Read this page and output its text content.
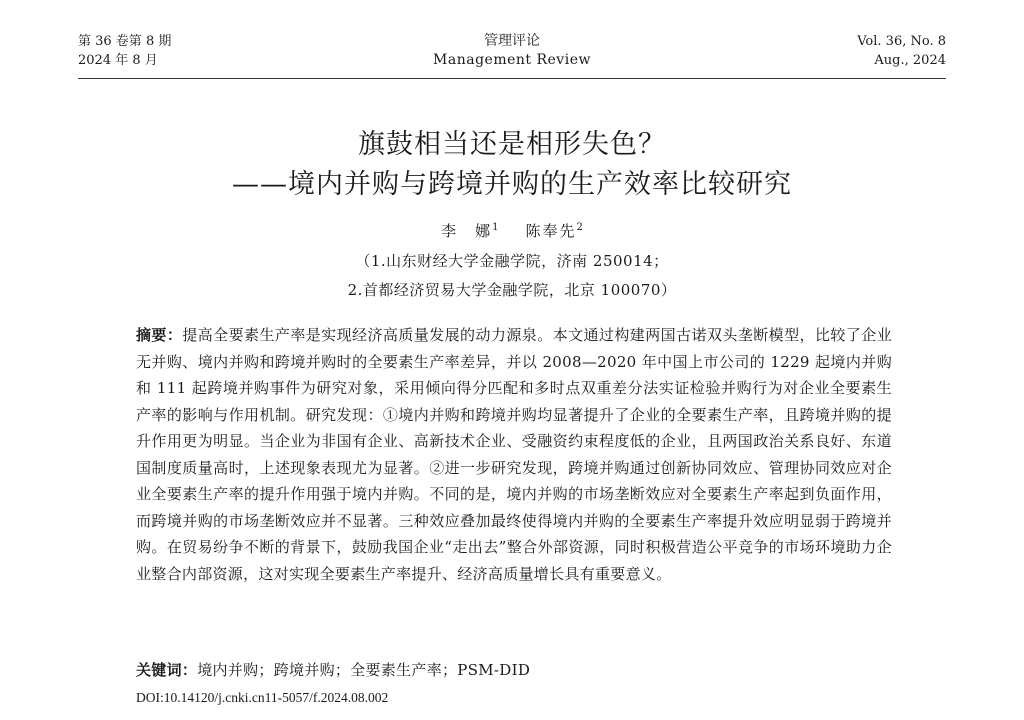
第 36 卷第 8 期
2024 年 8 月
管理评论
Management Review
Vol. 36, No. 8
Aug., 2024
旗鼓相当还是相形失色？
——境内并购与跨境并购的生产效率比较研究
李　娜$^1$ 陈奉先$^2$
（1.山东财经大学金融学院，济南 250014；
2.首都经济贸易大学金融学院，北京 100070）
摘要：提高全要素生产率是实现经济高质量发展的动力源泉。本文通过构建两国古诺双头垄断模型，比较了企业无并购、境内并购和跨境并购时的全要素生产率差异，并以 2008—2020 年中国上市公司的 1229 起境内并购和 111 起跨境并购事件为研究对象，采用倾向得分匹配和多时点双重差分法实证检验并购行为对企业全要素生产率的影响与作用机制。研究发现：①境内并购和跨境并购均显著提升了企业的全要素生产率，且跨境并购的提升作用更为明显。当企业为非国有企业、高新技术企业、受融资约束程度低的企业，且两国政治关系良好、东道国制度质量高时，上述现象表现尤为显著。②进一步研究发现，跨境并购通过创新协同效应、管理协同效应对企业全要素生产率的提升作用强于境内并购。不同的是，境内并购的市场垄断效应对全要素生产率起到负面作用，而跨境并购的市场垄断效应并不显著。三种效应叠加最终使得境内并购的全要素生产率提升效应明显弱于跨境并购。在贸易纷争不断的背景下，鼓励我国企业“走出去”整合外部资源，同时积极营造公平竞争的市场环境助力企业整合内部资源，这对实现全要素生产率提升、经济高质量增长具有重要意义。
关键词：境内并购；跨境并购；全要素生产率；PSM-DID
DOI:10.14120/j.cnki.cn11-5057/f.2024.08.002
